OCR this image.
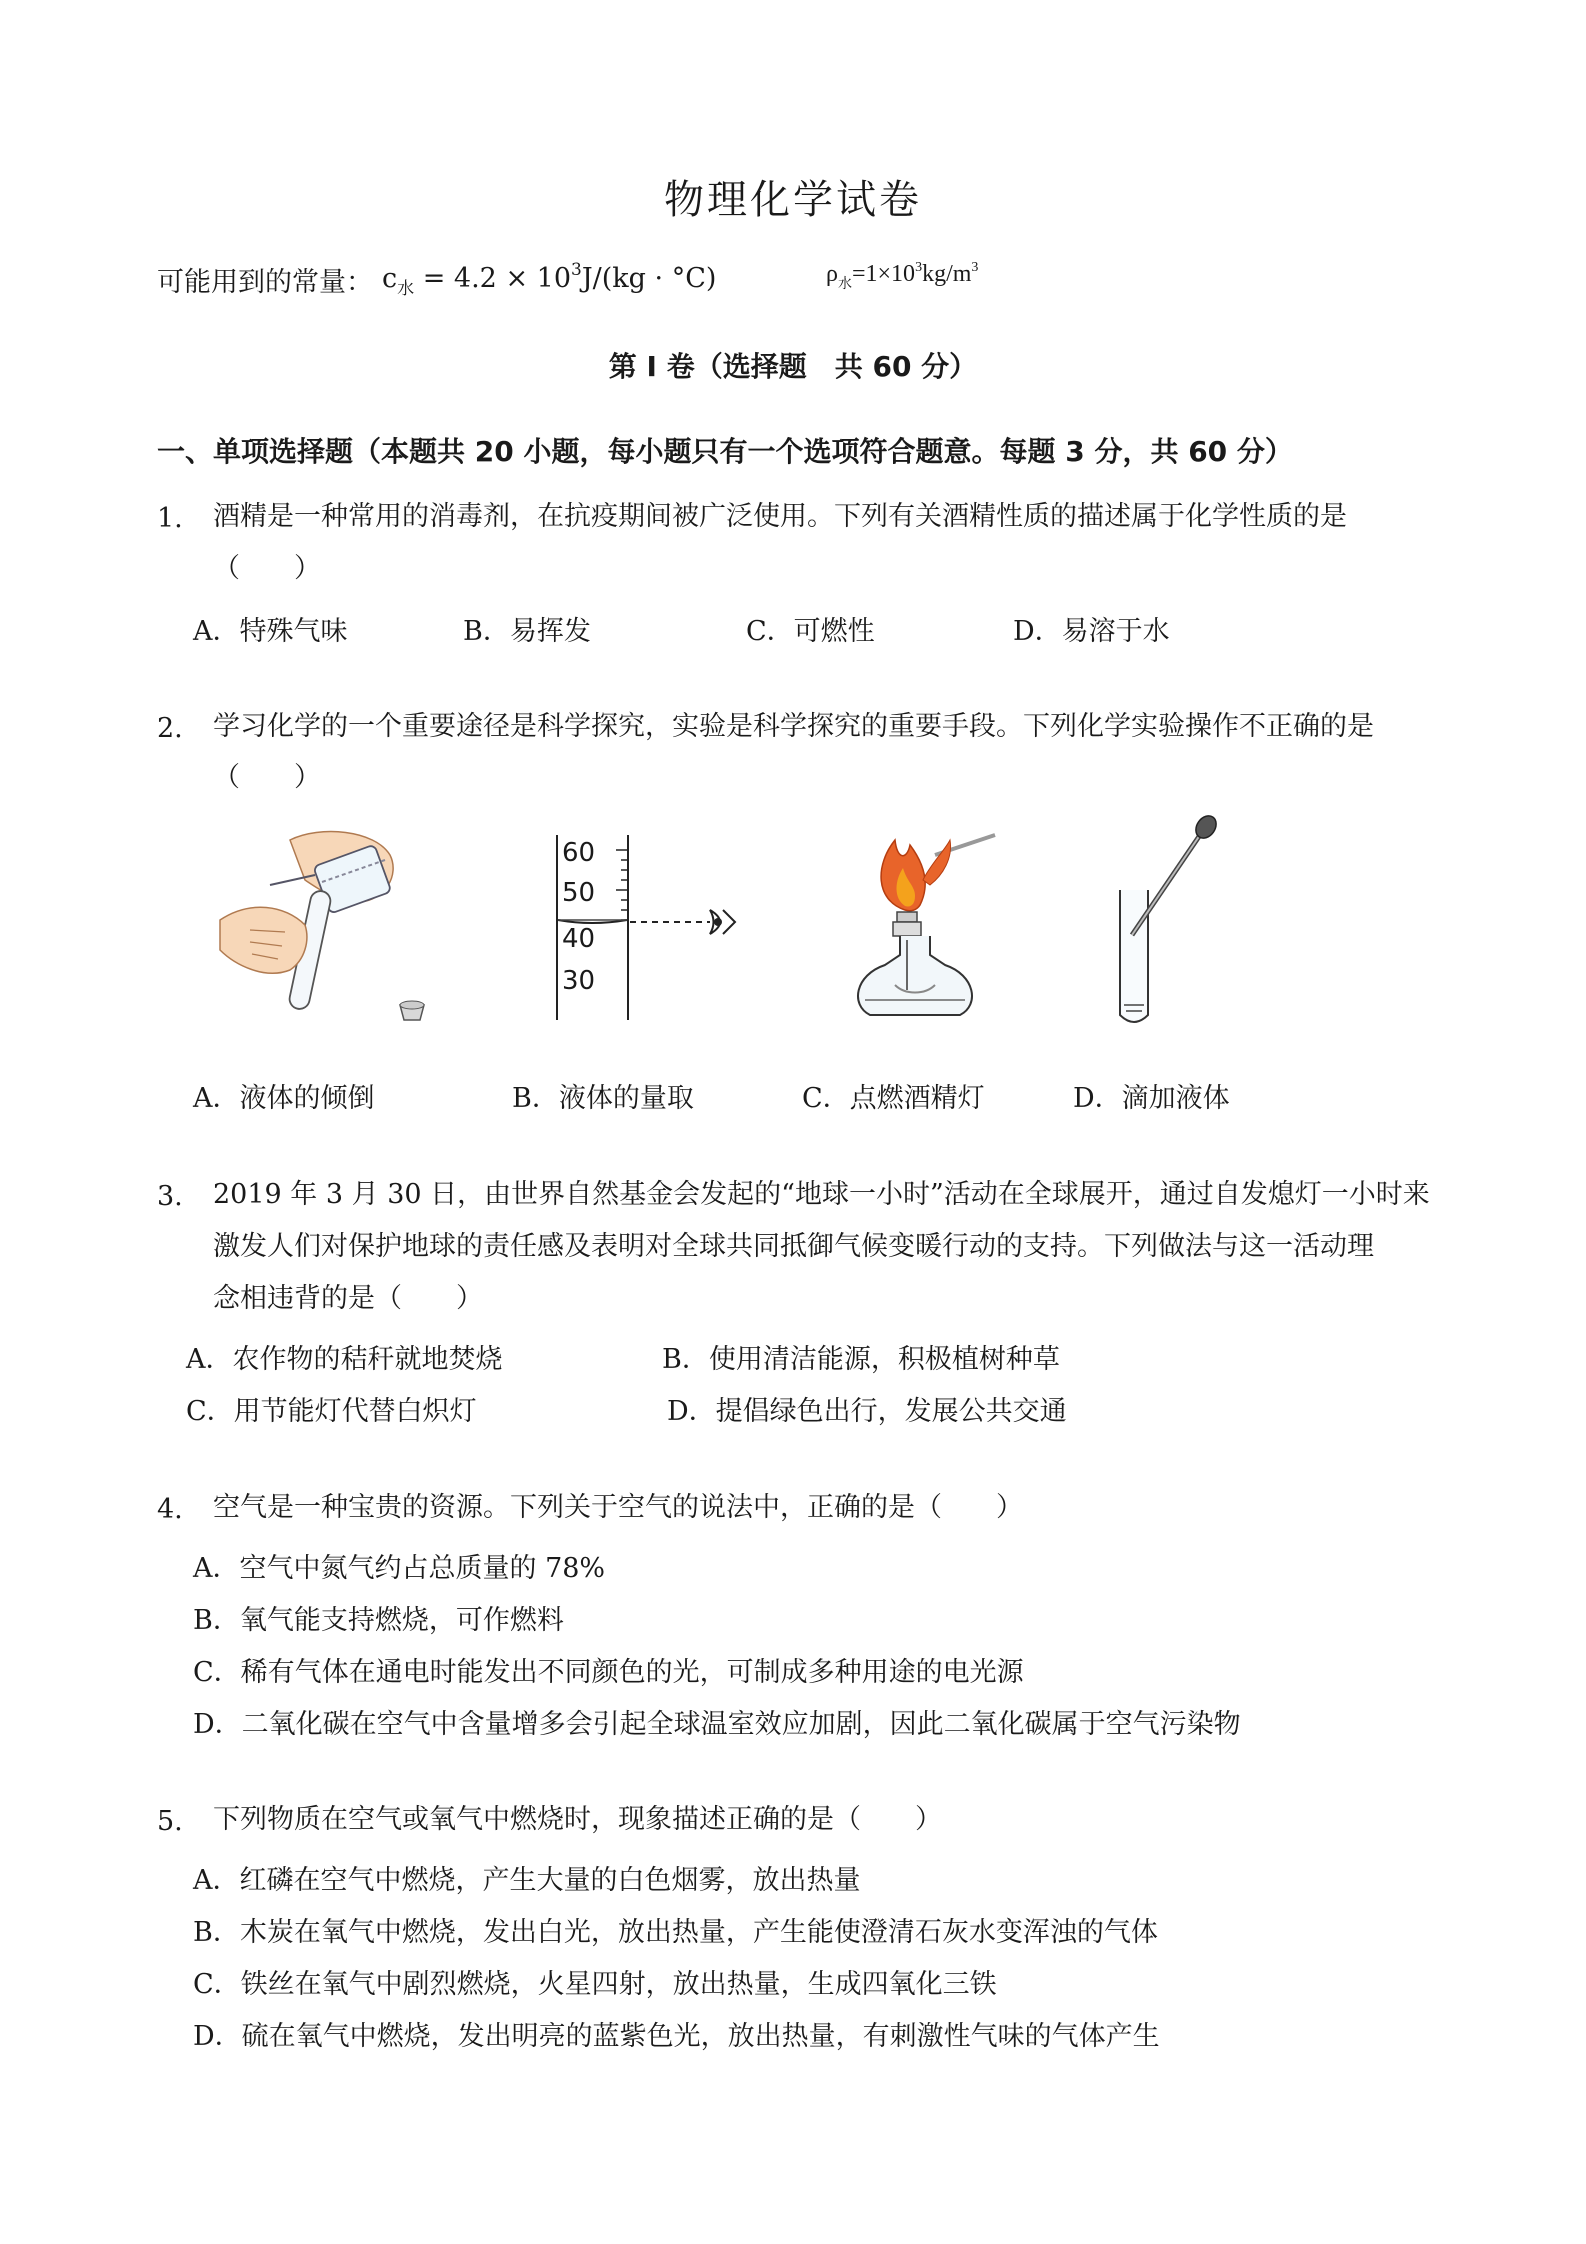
物理化学试卷
可能用到的常量： $c_水 = 4.2 \times 10^3J/(kg \cdot ^\circ C)$	$\rho_水=1\times 10^3kg/m^3$
第 I 卷（选择题　共 60 分）
一、单项选择题（本题共 20 小题，每小题只有一个选项符合题意。每题 3 分，共 60 分）
1. 酒精是一种常用的消毒剂，在抗疫期间被广泛使用。下列有关酒精性质的描述属于化学性质的是
（　　）
A．特殊气味	B．易挥发	C．可燃性	D．易溶于水
2. 学习化学的一个重要途径是科学探究，实验是科学探究的重要手段。下列化学实验操作不正确的是
（　　）
60
50
40
30
A．液体的倾倒	B．液体的量取	C．点燃酒精灯	D．滴加液体
3. 2019 年 3 月 30 日，由世界自然基金会发起的“地球一小时”活动在全球展开，通过自发熄灯一小时来
激发人们对保护地球的责任感及表明对全球共同抵御气候变暖行动的支持。下列做法与这一活动理
念相违背的是（　　）
A．农作物的秸秆就地焚烧	B．使用清洁能源，积极植树种草
C．用节能灯代替白炽灯	D．提倡绿色出行，发展公共交通
4. 空气是一种宝贵的资源。下列关于空气的说法中，正确的是（　　）
A．空气中氮气约占总质量的 78%
B．氧气能支持燃烧，可作燃料
C．稀有气体在通电时能发出不同颜色的光，可制成多种用途的电光源
D．二氧化碳在空气中含量增多会引起全球温室效应加剧，因此二氧化碳属于空气污染物
5. 下列物质在空气或氧气中燃烧时，现象描述正确的是（　　）
A．红磷在空气中燃烧，产生大量的白色烟雾，放出热量
B．木炭在氧气中燃烧，发出白光，放出热量，产生能使澄清石灰水变浑浊的气体
C．铁丝在氧气中剧烈燃烧，火星四射，放出热量，生成四氧化三铁
D．硫在氧气中燃烧，发出明亮的蓝紫色光，放出热量，有刺激性气味的气体产生
